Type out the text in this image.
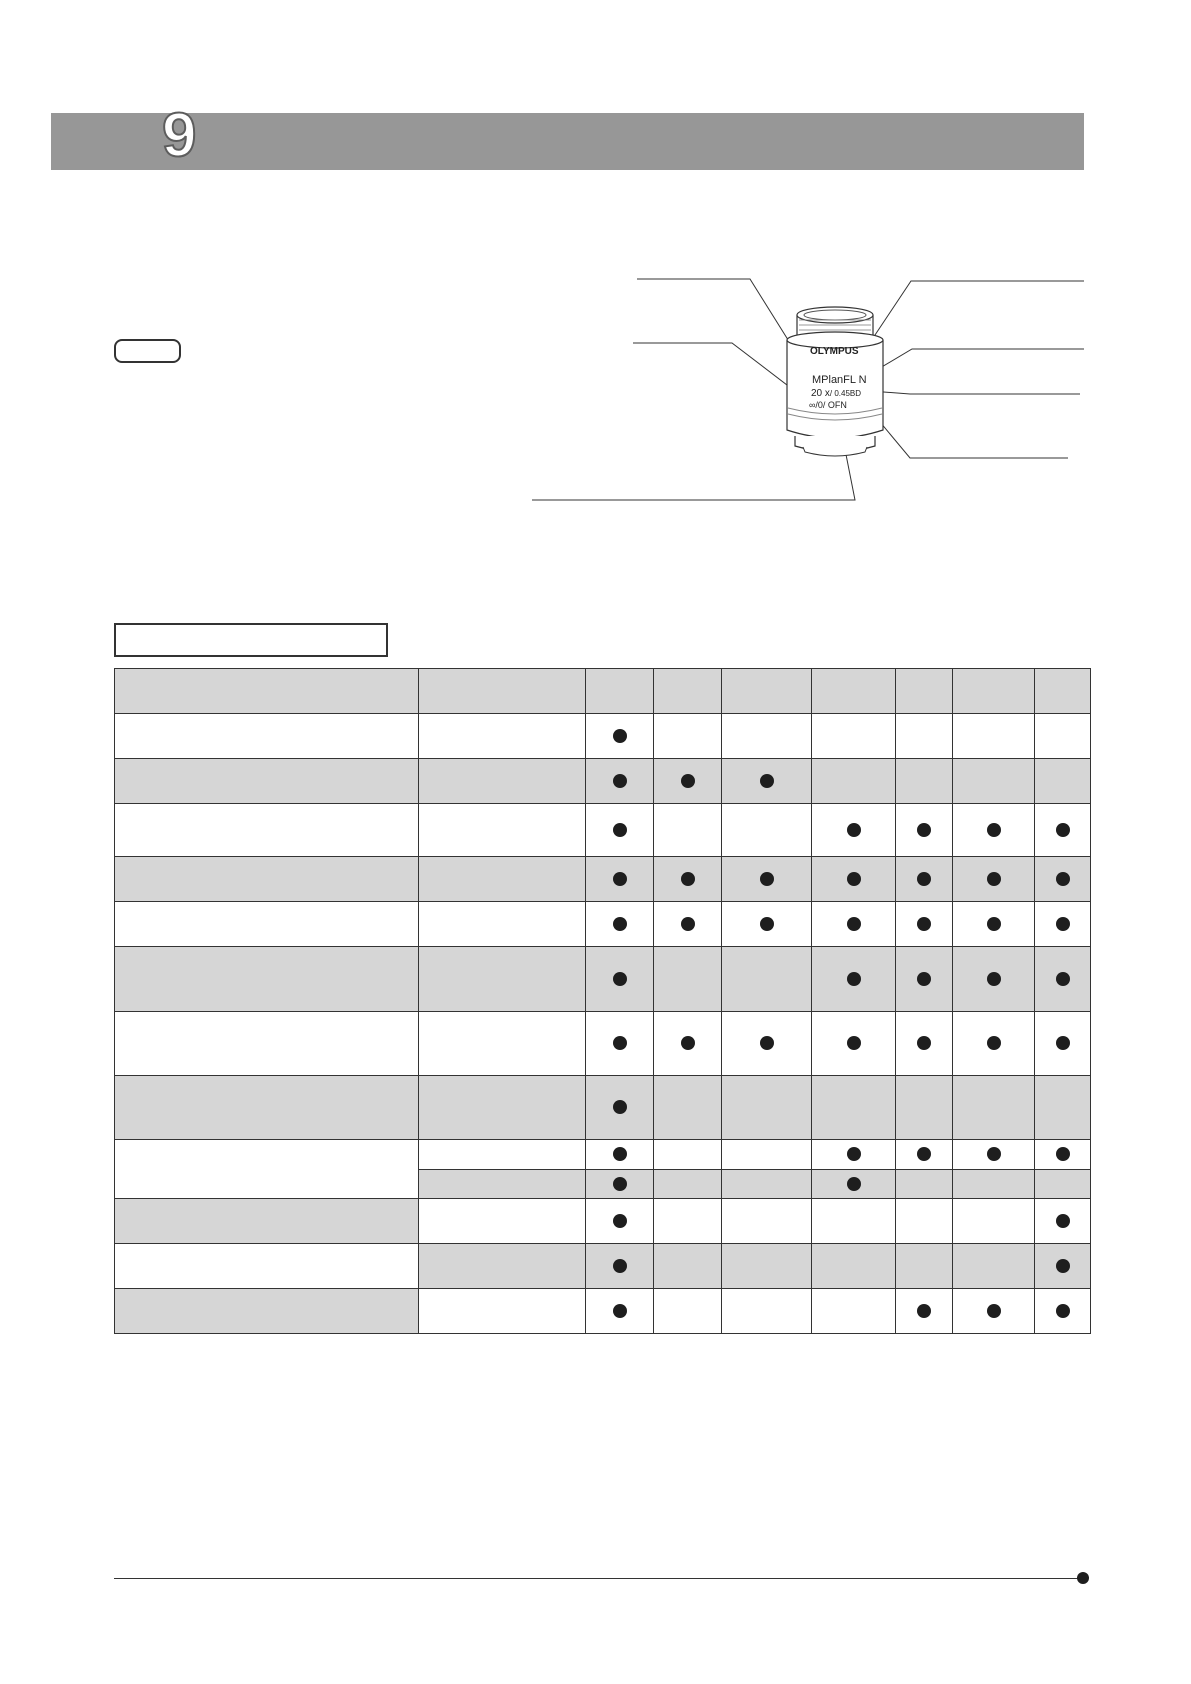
9
OLYMPUS
MPlanFL N
20 x/ 0.45BD
∞/0/ OFN
